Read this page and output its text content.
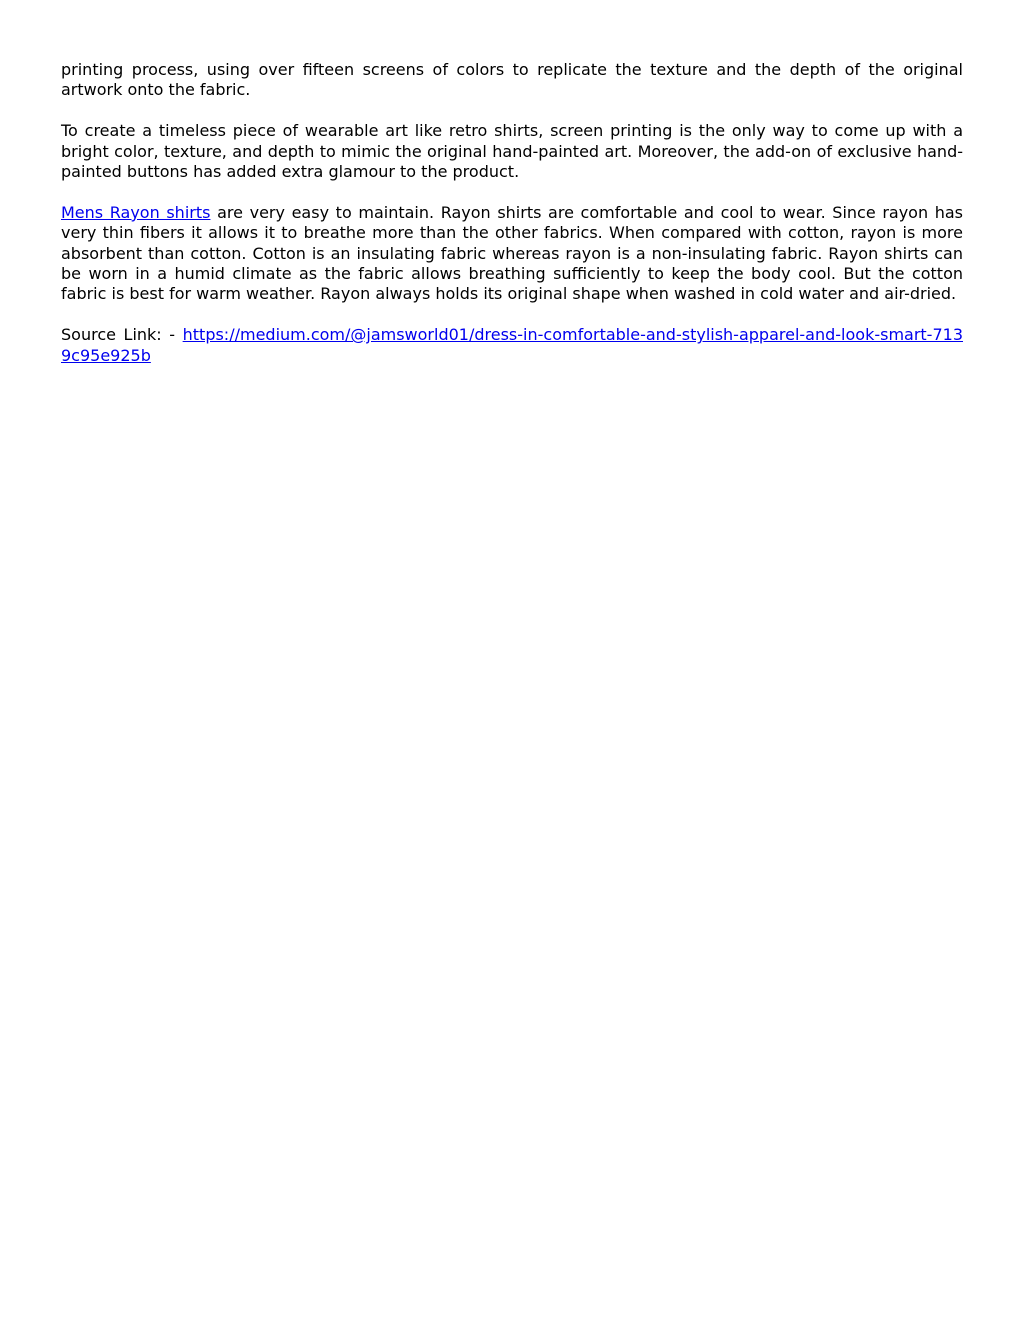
printing process, using over fifteen screens of colors to replicate the texture and the depth of the original artwork onto the fabric.

To create a timeless piece of wearable art like retro shirts, screen printing is the only way to come up with a bright color, texture, and depth to mimic the original hand-painted art. Moreover, the add-on of exclusive hand-painted buttons has added extra glamour to the product.

Mens Rayon shirts are very easy to maintain. Rayon shirts are comfortable and cool to wear. Since rayon has very thin fibers it allows it to breathe more than the other fabrics. When compared with cotton, rayon is more absorbent than cotton. Cotton is an insulating fabric whereas rayon is a non-insulating fabric. Rayon shirts can be worn in a humid climate as the fabric allows breathing sufficiently to keep the body cool. But the cotton fabric is best for warm weather. Rayon always holds its original shape when washed in cold water and air-dried.

Source Link: - https://medium.com/@jamsworld01/dress-in-comfortable-and-stylish-apparel-and-look-smart-7139c95e925b
